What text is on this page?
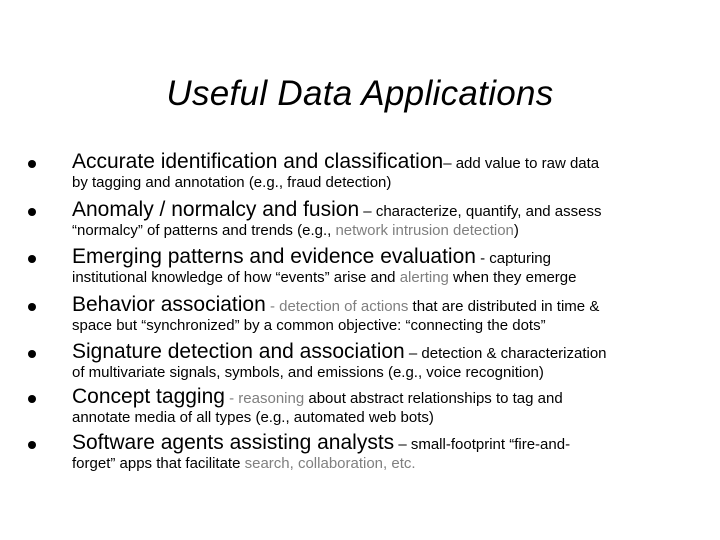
Useful Data Applications
Accurate identification and classification– add value to raw data
by tagging and annotation (e.g., fraud detection)
Anomaly / normalcy and fusion – characterize, quantify, and assess
“normalcy” of patterns and trends (e.g., network intrusion detection)
Emerging patterns and evidence evaluation - capturing
institutional knowledge of how “events” arise and alerting when they emerge
Behavior association - detection of actions that are distributed in time &
space but “synchronized” by a common objective: “connecting the dots”
Signature detection and association – detection & characterization
of multivariate signals, symbols, and emissions (e.g., voice recognition)
Concept tagging - reasoning about abstract relationships to tag and
annotate media of all types (e.g., automated web bots)
Software agents assisting analysts – small-footprint “fire-and-
forget” apps that facilitate search, collaboration, etc.
